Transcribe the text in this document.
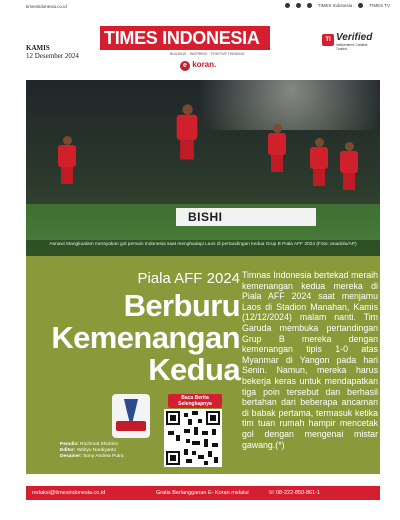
timesindonesia.co.id	TIMES Indonesia	TIMES TV
KAMIS
12 Desember 2024
TIMES INDONESIA
BUILDING · INSPIRING · POSITIVE THINKING
e koran.
TI Verified
Independent. Credible. Trusted.
BISHI
Asnawi Mangkualam merayakan gol pemain Indonesia saat menghadapi Laos di pertandingan kedua Grup B Piala AFF 2024 (Foto: anadolu/AP)
Piala AFF 2024
Berburu Kemenangan Kedua
Baca Berita Selengkapnya
Penulis: Rochmat Shobirin
Editor: Wahyu Nurdiyanto
Desainer: Sony Andrea Putra
Timnas Indonesia bertekad meraih kemenangan kedua mereka di Piala AFF 2024 saat menjamu Laos di Stadion Manahan, Kamis (12/12/2024) malam nanti. Tim Garuda membuka pertandingan Grup B mereka dengan kemenangan tipis 1-0 atas Myanmar di Yangon pada hari Senin. Namun, mereka harus bekerja keras untuk mendapatkan tiga poin tersebut dan berhasil bertahan dari beberapa ancaman di babak pertama, termasuk ketika tim tuan rumah hampir mencetak gol dengan mengenai mistar gawang.(*)
redaksi@timesindonesia.co.id	Gratis Berlangganan E- Koran melalui	☏ 08-222-850-861-1
